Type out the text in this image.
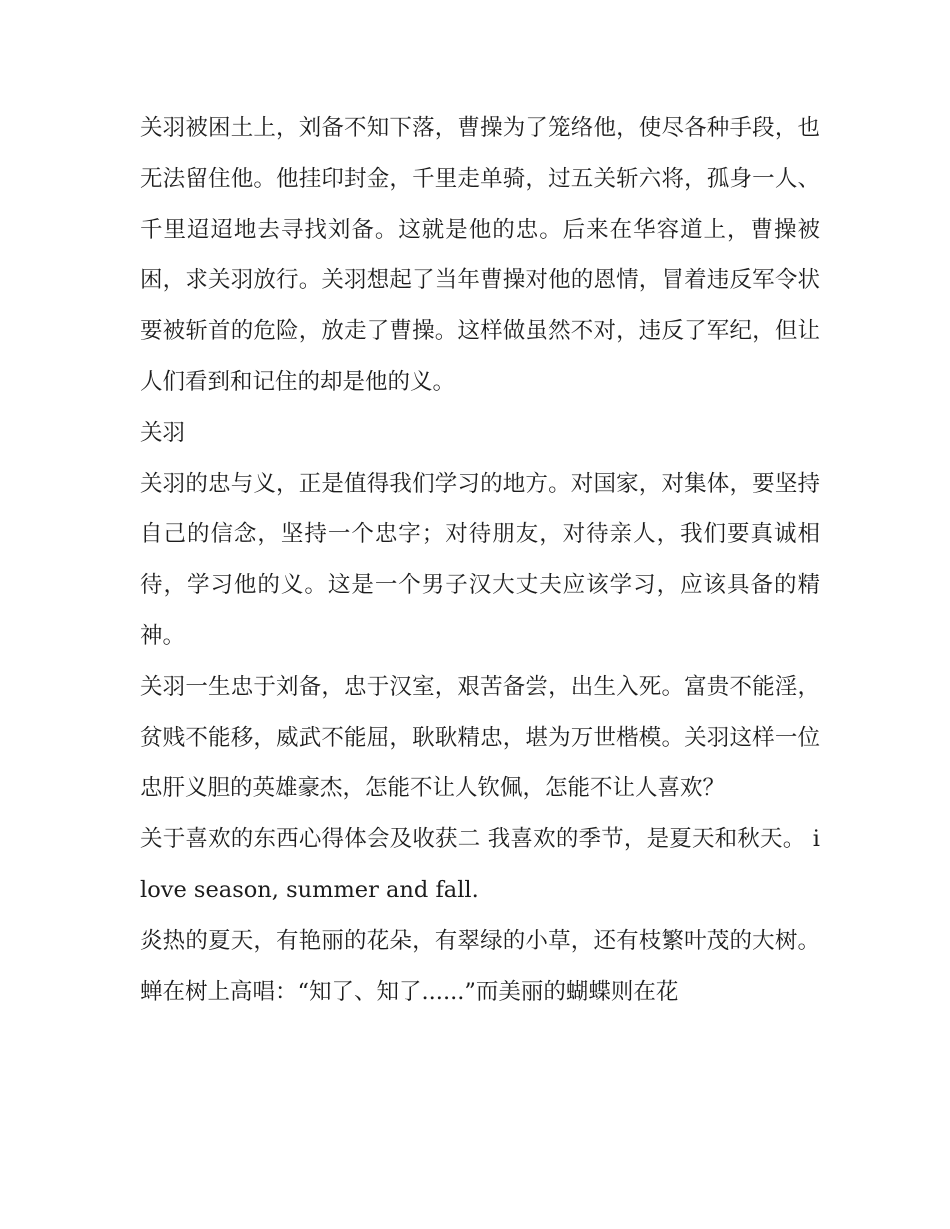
关羽被困土上，刘备不知下落，曹操为了笼络他，使尽各种手段，也无法留住他。他挂印封金，千里走单骑，过五关斩六将，孤身一人、千里迢迢地去寻找刘备。这就是他的忠。后来在华容道上，曹操被困，求关羽放行。关羽想起了当年曹操对他的恩情，冒着违反军令状要被斩首的危险，放走了曹操。这样做虽然不对，违反了军纪，但让人们看到和记住的却是他的义。

关羽

关羽的忠与义，正是值得我们学习的地方。对国家，对集体，要坚持自己的信念，坚持一个忠字；对待朋友，对待亲人，我们要真诚相待，学习他的义。这是一个男子汉大丈夫应该学习，应该具备的精神。

关羽一生忠于刘备，忠于汉室，艰苦备尝，出生入死。富贵不能淫，贫贱不能移，威武不能屈，耿耿精忠，堪为万世楷模。关羽这样一位忠肝义胆的英雄豪杰，怎能不让人钦佩，怎能不让人喜欢？

关于喜欢的东西心得体会及收获二 我喜欢的季节，是夏天和秋天。 i love season, summer and fall.

炎热的夏天，有艳丽的花朵，有翠绿的小草，还有枝繁叶茂的大树。蝉在树上高唱：“知了、知了......”而美丽的蝴蝶则在花
